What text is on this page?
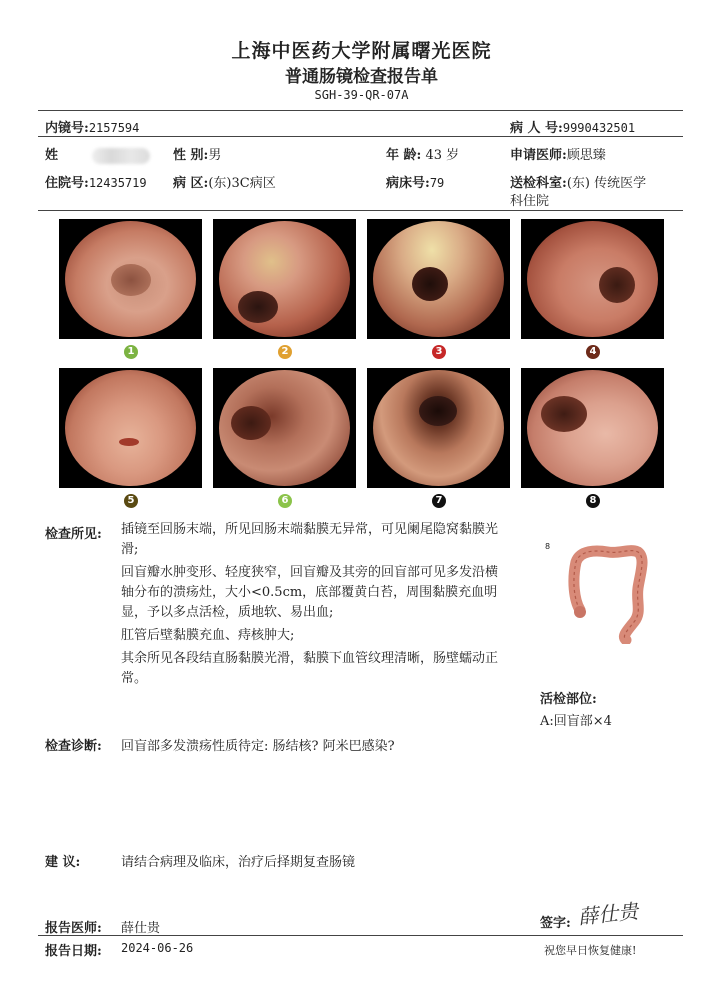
上海中医药大学附属曙光医院
普通肠镜检查报告单
SGH-39-QR-07A
内镜号:2157594	病 人 号:9990432501
姓	性 别:男	年 龄: 43 岁	申请医师:顾思臻
住院号:12435719 病 区:(东)3C病区	病床号:79	送检科室:(东) 传统医学
科住院
1	2	3	4
5	6	7	8
检查所见: 插镜至回肠末端，所见回肠末端黏膜无异常，可见阑尾隐窝黏膜光滑;

回盲瓣水肿变形、轻度狭窄，回盲瓣及其旁的回盲部可见多发沿横轴分布的溃疡灶，大小<0.5cm，底部覆黄白苔，周围黏膜充血明显，予以多点活检，质地软、易出血;

肛管后壁黏膜充血、痔核肿大;

其余所见各段结直肠黏膜光滑，黏膜下血管纹理清晰，肠壁蠕动正常。

8
活检部位:
A:回盲部×4
检查诊断: 回盲部多发溃疡性质待定: 肠结核? 阿米巴感染?
建 议:	请结合病理及临床，治疗后择期复查肠镜
报告医师: 薛仕贵	签字: 薛仕贵
报告日期: 2024-06-26	祝您早日恢复健康!
